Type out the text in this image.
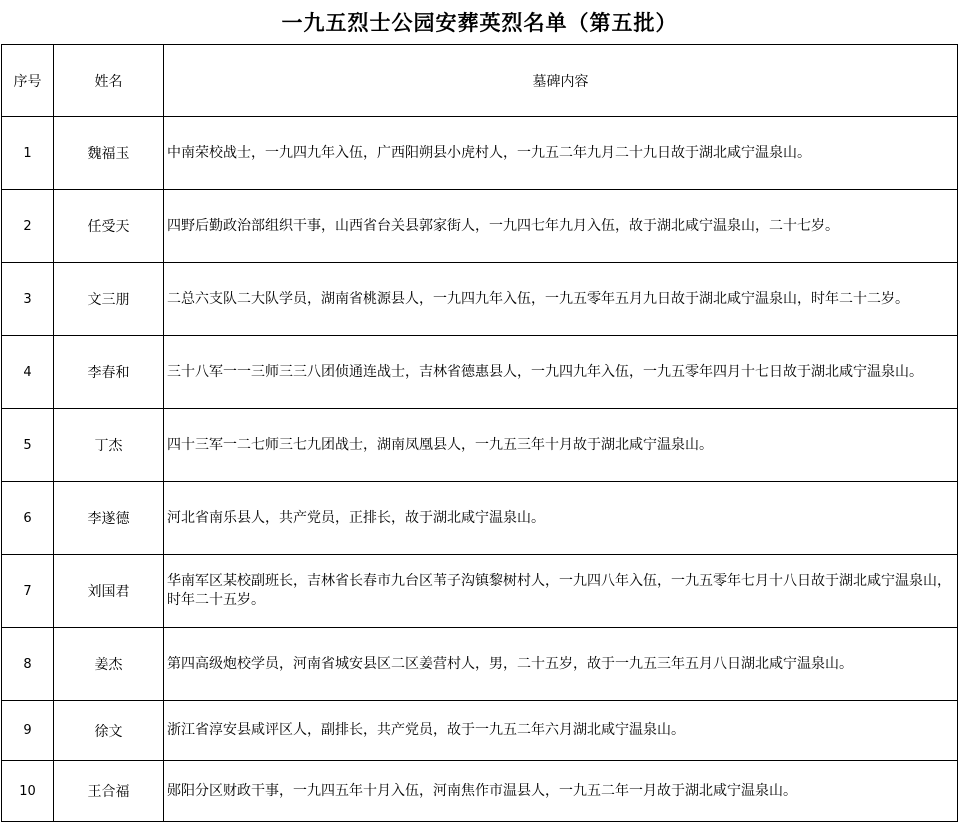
一九五烈士公园安葬英烈名单（第五批）
序号	姓名	墓碑内容
1	魏福玉	中南荣校战士，一九四九年入伍，广西阳朔县小虎村人，一九五二年九月二十九日故于湖北咸宁温泉山。
2	任受天	四野后勤政治部组织干事，山西省台关县郭家街人，一九四七年九月入伍，故于湖北咸宁温泉山，二十七岁。
3	文三朋	二总六支队二大队学员，湖南省桃源县人，一九四九年入伍，一九五零年五月九日故于湖北咸宁温泉山，时年二十二岁。
4	李春和	三十八军一一三师三三八团侦通连战士，吉林省德惠县人，一九四九年入伍，一九五零年四月十七日故于湖北咸宁温泉山。
5	丁杰	四十三军一二七师三七九团战士，湖南凤凰县人，一九五三年十月故于湖北咸宁温泉山。
6	李遂德	河北省南乐县人，共产党员，正排长，故于湖北咸宁温泉山。
7	刘国君	华南军区某校副班长，吉林省长春市九台区苇子沟镇黎树村人，一九四八年入伍，一九五零年七月十八日故于湖北咸宁温泉山，时年二十五岁。
8	姜杰	第四高级炮校学员，河南省城安县区二区姜营村人，男，二十五岁，故于一九五三年五月八日湖北咸宁温泉山。
9	徐文	浙江省淳安县咸评区人，副排长，共产党员，故于一九五二年六月湖北咸宁温泉山。
10	王合福	郧阳分区财政干事，一九四五年十月入伍，河南焦作市温县人，一九五二年一月故于湖北咸宁温泉山。
